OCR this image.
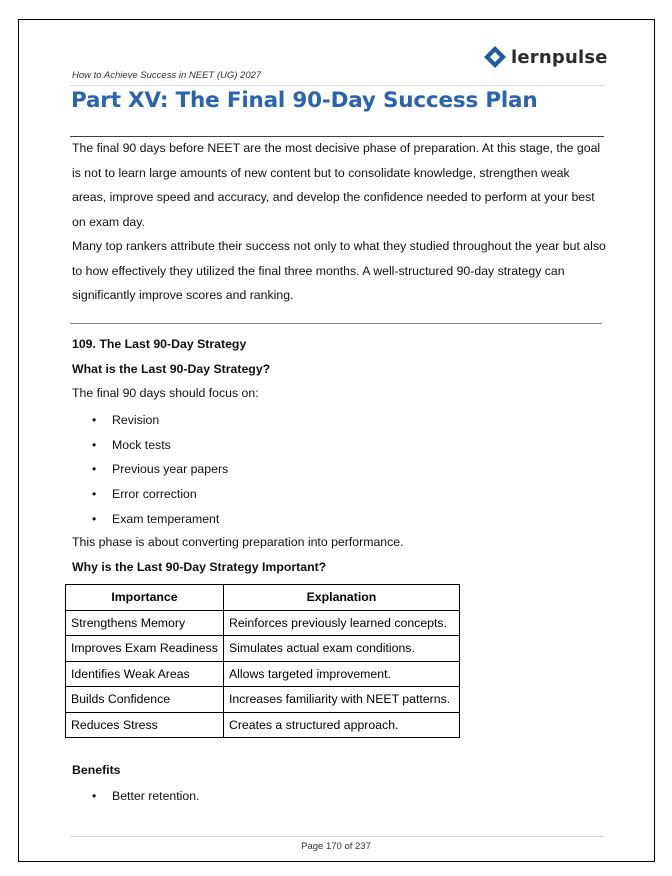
lernpulse
How to Achieve Success in NEET (UG) 2027
Part XV: The Final 90-Day Success Plan
The final 90 days before NEET are the most decisive phase of preparation. At this stage, the goal is not to learn large amounts of new content but to consolidate knowledge, strengthen weak areas, improve speed and accuracy, and develop the confidence needed to perform at your best on exam day.
Many top rankers attribute their success not only to what they studied throughout the year but also to how effectively they utilized the final three months. A well-structured 90-day strategy can significantly improve scores and ranking.
109. The Last 90-Day Strategy
What is the Last 90-Day Strategy?
The final 90 days should focus on:
• Revision
• Mock tests
• Previous year papers
• Error correction
• Exam temperament
This phase is about converting preparation into performance.
Why is the Last 90-Day Strategy Important?
Importance	Explanation
Strengthens Memory	Reinforces previously learned concepts.
Improves Exam Readiness	Simulates actual exam conditions.
Identifies Weak Areas	Allows targeted improvement.
Builds Confidence	Increases familiarity with NEET patterns.
Reduces Stress	Creates a structured approach.
Benefits
• Better retention.
Page 170 of 237
